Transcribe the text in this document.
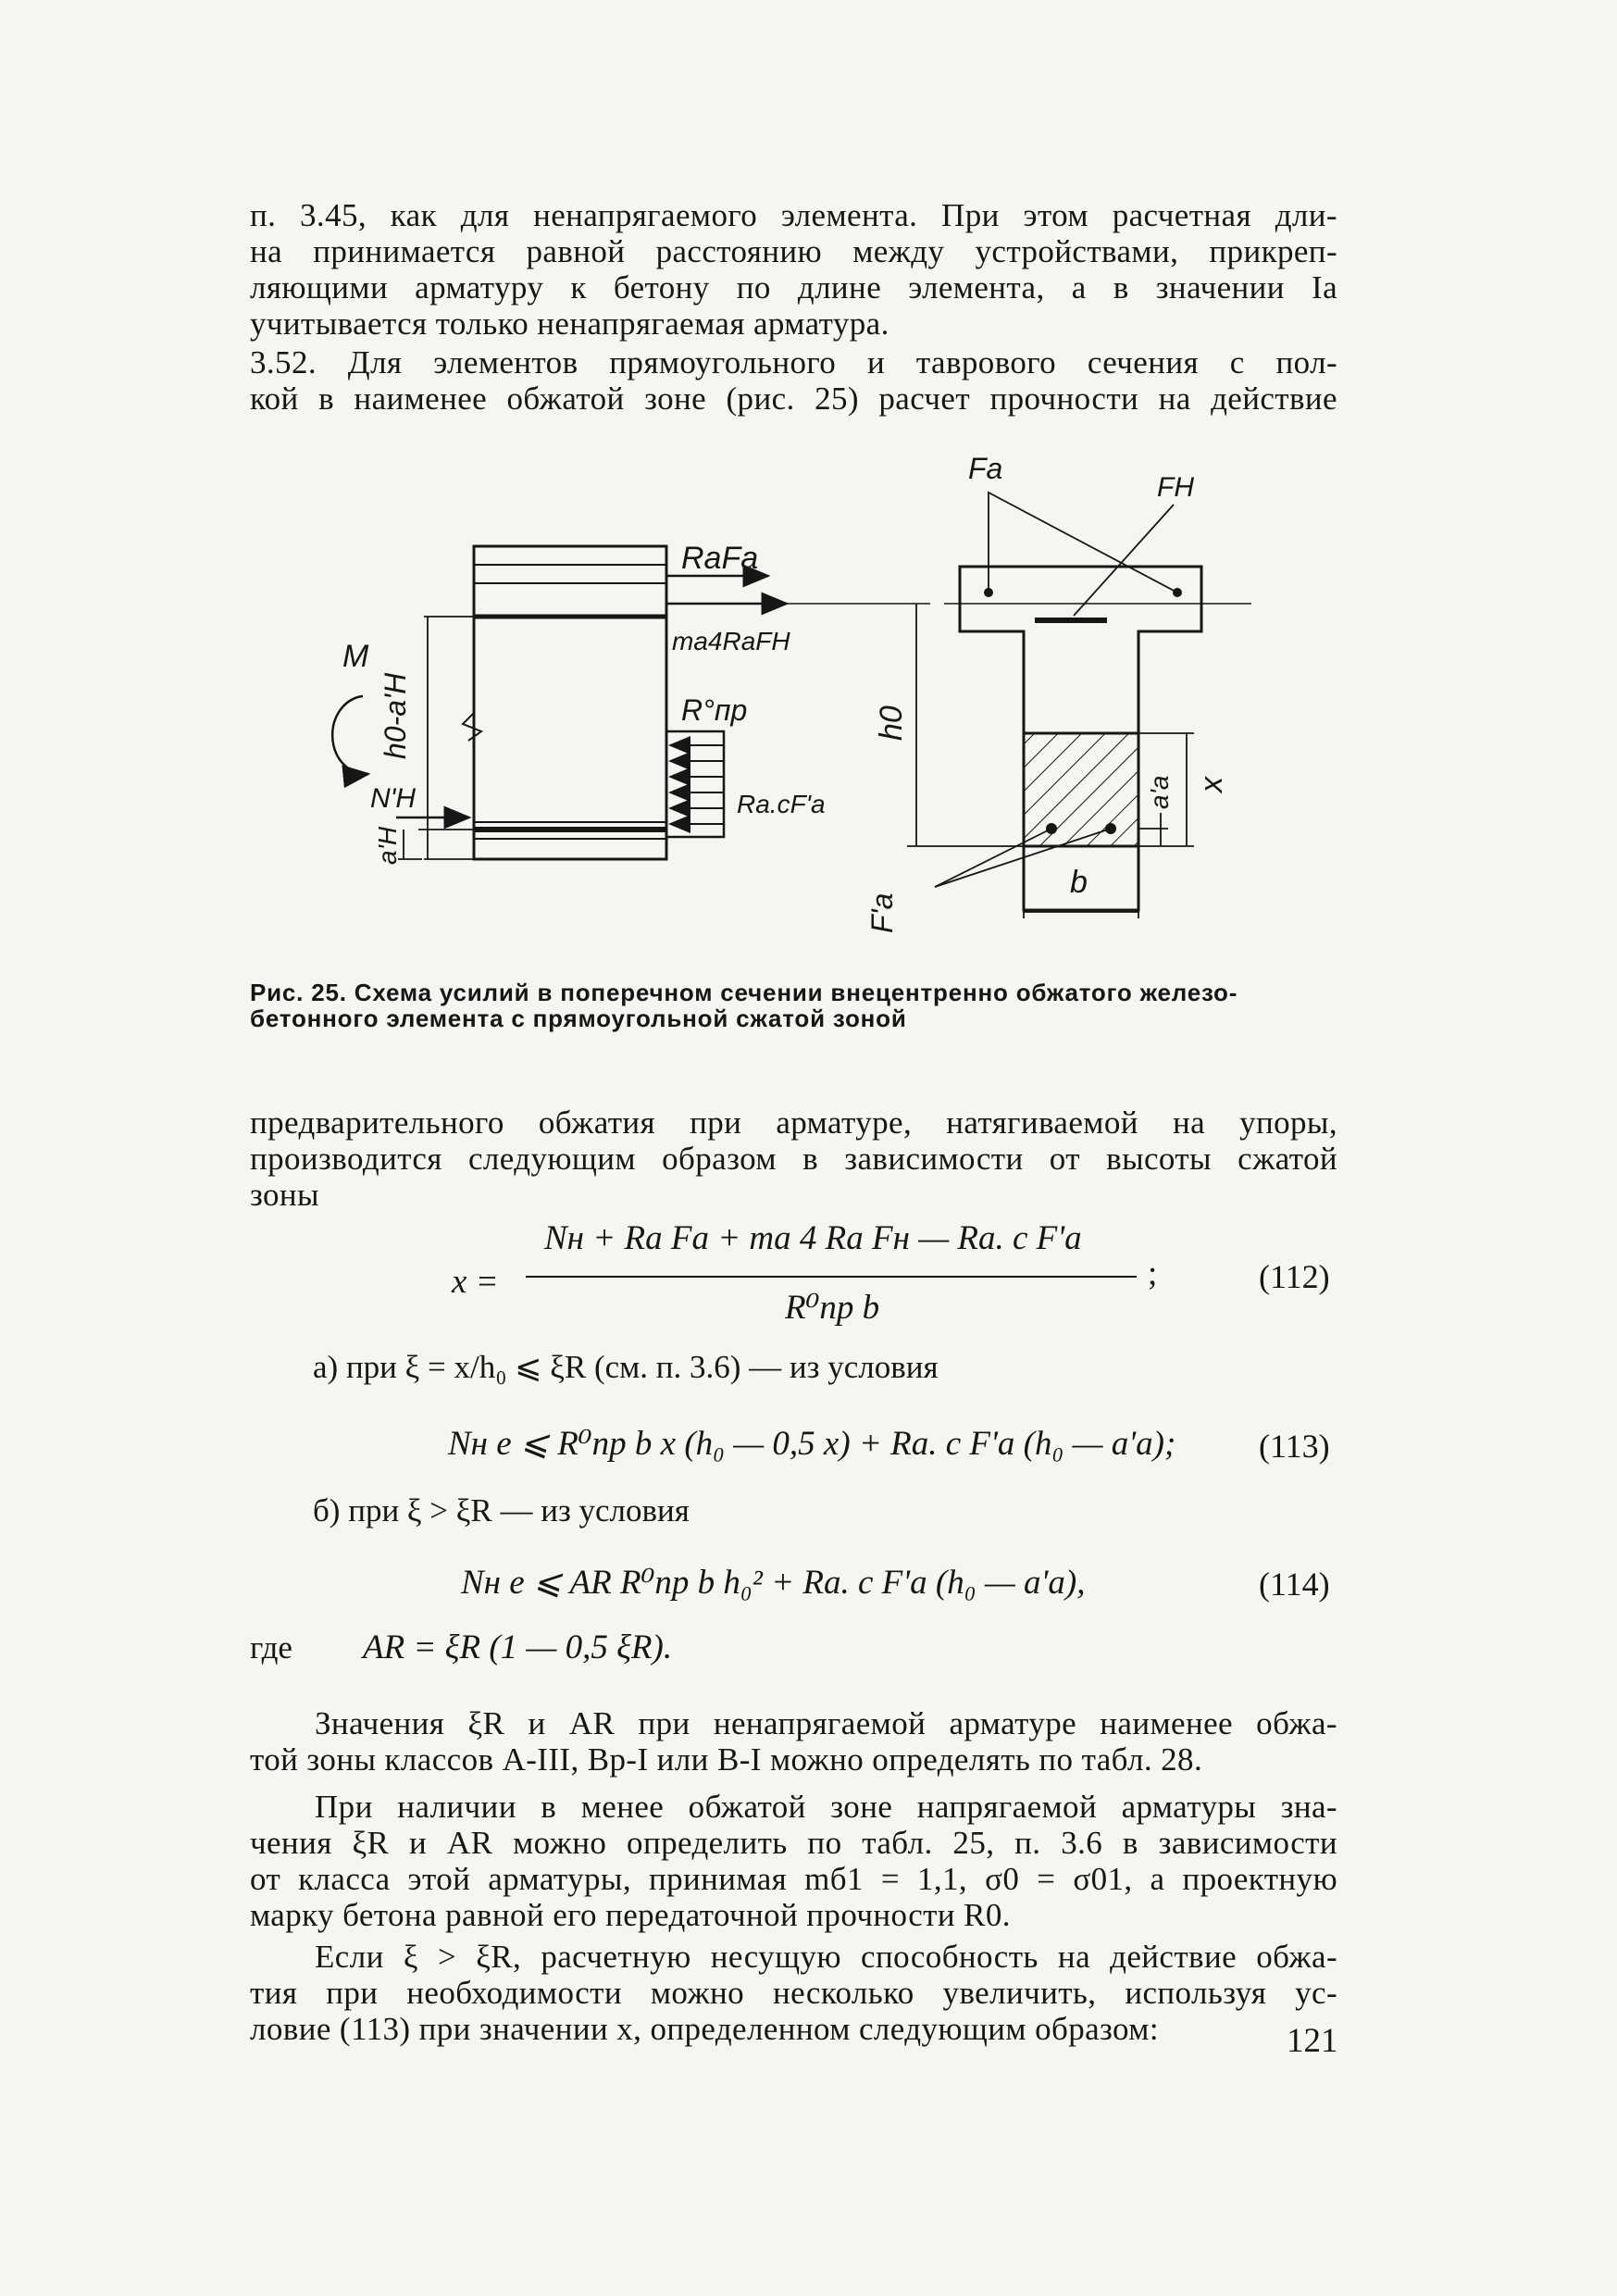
п. 3.45, как для ненапрягаемого элемента. При этом расчетная дли-
на принимается равной расстоянию между устройствами, прикреп-
ляющими арматуру к бетону по длине элемента, а в значении Iа
учитывается только ненапрягаемая арматура.
3.52. Для элементов прямоугольного и таврового сечения с пол-
кой в наименее обжатой зоне (рис. 25) расчет прочности на действие
RaFa
ma4RaFH
R°пр
Ra.cF'a
M
h0-a'H
N'H
a'H
Fa
FH
h0
x
a'a
b
F'a
Рис. 25. Схема усилий в поперечном сечении внецентренно обжатого железо-
бетонного элемента с прямоугольной сжатой зоной
предварительного обжатия при арматуре, натягиваемой на упоры,
производится следующим образом в зависимости от высоты сжатой
зоны
x =
Nн + Ra Fa + ma 4 Ra Fн — Ra. c F'a
R⁰пр b
;	(112)
а) при ξ = x/h₀ ⩽ ξR (см. п. 3.6) — из условия
Nн e ⩽ R⁰пр b x (h₀ — 0,5 x) + Ra. c F'a (h₀ — a'a); (113)
б) при ξ > ξR — из условия
Nн e ⩽ AR R⁰пр b h₀² + Ra. c F'a (h₀ — a'a),	(114)
где AR = ξR (1 — 0,5 ξR).
Значения ξR и AR при ненапрягаемой арматуре наименее обжа-
той зоны классов А-III, Вр-I или В-I можно определять по табл. 28.
При наличии в менее обжатой зоне напрягаемой арматуры зна-
чения ξR и AR можно определить по табл. 25, п. 3.6 в зависимости
от класса этой арматуры, принимая mб1 = 1,1, σ0 = σ01, а проектную
марку бетона равной его передаточной прочности R0.
Если ξ > ξR, расчетную несущую способность на действие обжа-
тия при необходимости можно несколько увеличить, используя ус-
ловие (113) при значении x, определенном следующим образом:	121
